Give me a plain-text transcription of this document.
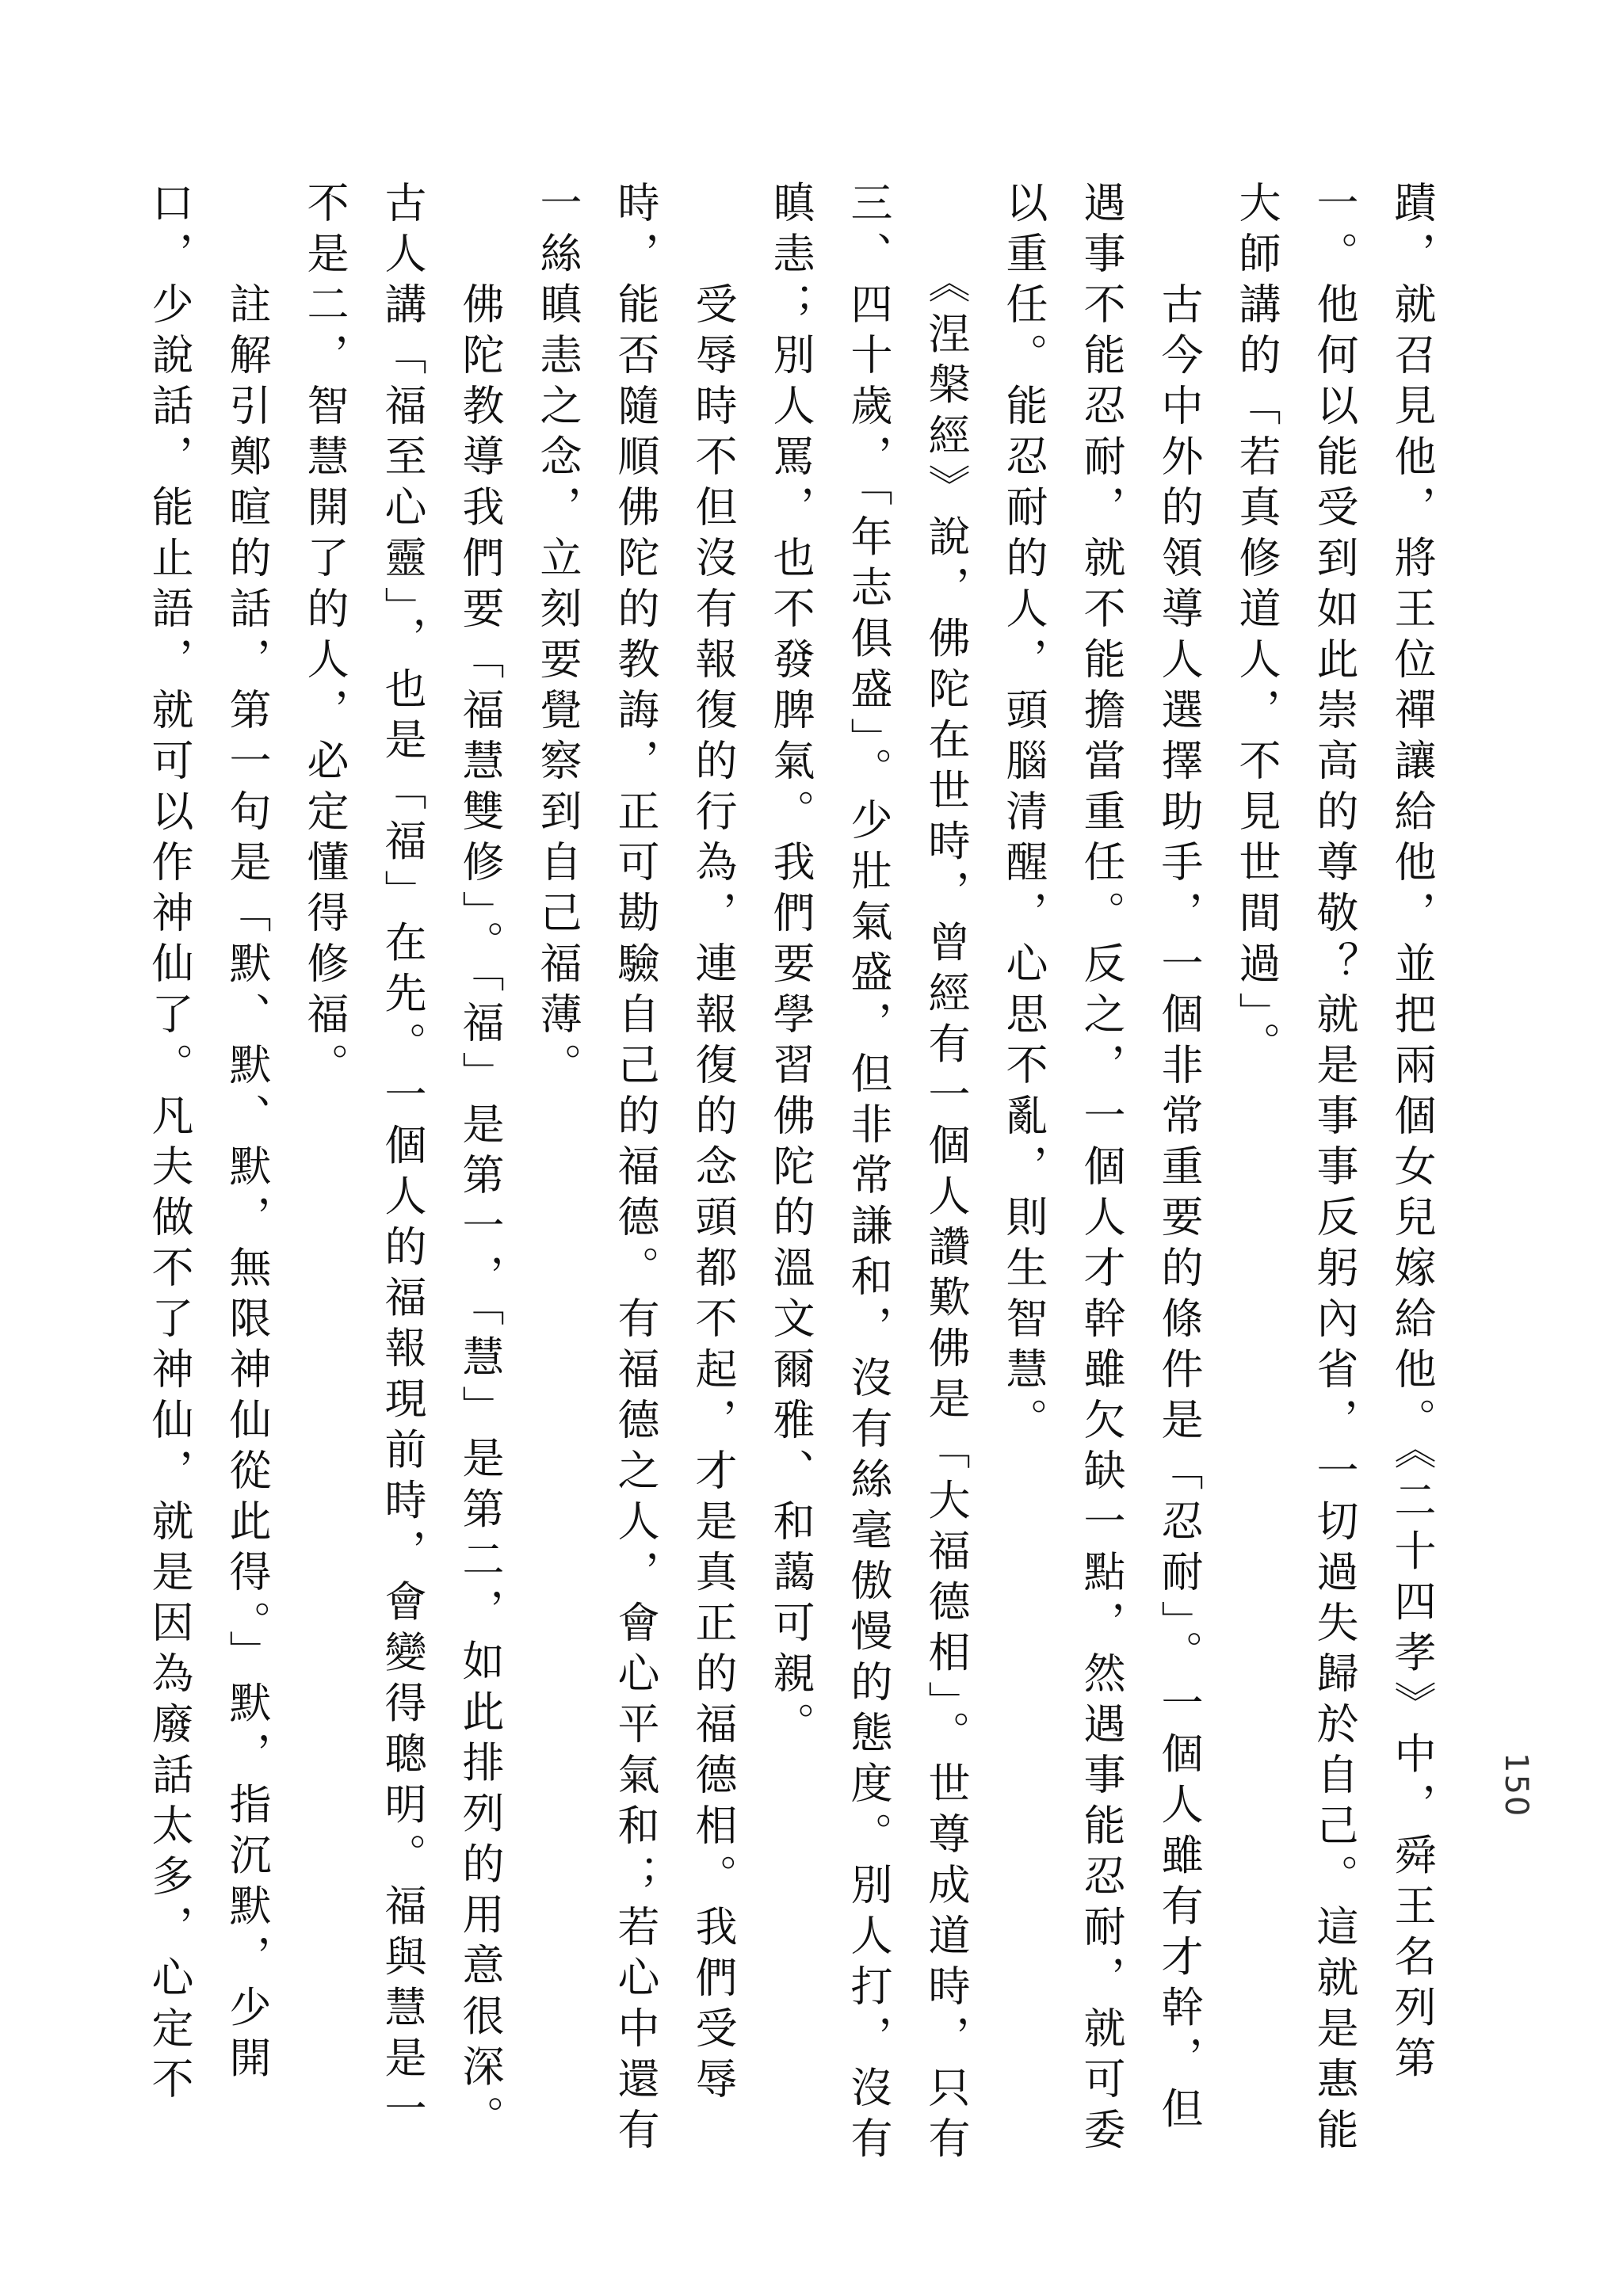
150

蹟，就召見他，將王位禪讓給他，並把兩個女兒嫁給他。《二十四孝》中，舜王名列第一。他何以能受到如此崇高的尊敬？就是事事反躬內省，一切過失歸於自己。這就是惠能大師講的「若真修道人，不見世間過」。

　　古今中外的領導人選擇助手，一個非常重要的條件是「忍耐」。一個人雖有才幹，但遇事不能忍耐，就不能擔當重任。反之，一個人才幹雖欠缺一點，然遇事能忍耐，就可委以重任。能忍耐的人，頭腦清醒，心思不亂，則生智慧。

　　《涅槃經》說，佛陀在世時，曾經有一個人讚歎佛是「大福德相」。世尊成道時，只有三、四十歲，「年志俱盛」。少壯氣盛，但非常謙和，沒有絲毫傲慢的態度。別人打，沒有瞋恚；別人罵，也不發脾氣。我們要學習佛陀的溫文爾雅、和藹可親。

　　受辱時不但沒有報復的行為，連報復的念頭都不起，才是真正的福德相。我們受辱時，能否隨順佛陀的教誨，正可勘驗自己的福德。有福德之人，會心平氣和；若心中還有一絲瞋恚之念，立刻要覺察到自己福薄。

　　佛陀教導我們要「福慧雙修」。「福」是第一，「慧」是第二，如此排列的用意很深。古人講「福至心靈」，也是「福」在先。一個人的福報現前時，會變得聰明。福與慧是一不是二，智慧開了的人，必定懂得修福。

　　註解引鄭暄的話，第一句是「默、默、默，無限神仙從此得。」默，指沉默，少開口，少說話，能止語，就可以作神仙了。凡夫做不了神仙，就是因為廢話太多，心定不
